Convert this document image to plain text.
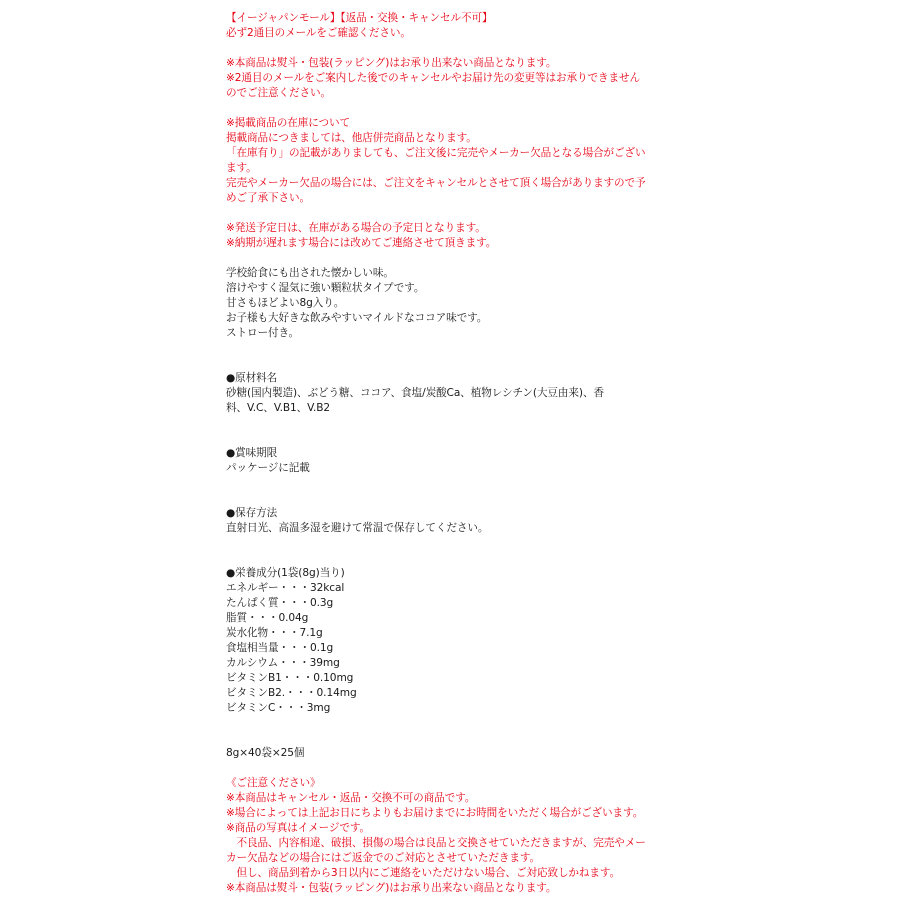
【イージャパンモール】【返品・交換・キャンセル不可】
必ず2通目のメールをご確認ください。
※本商品は熨斗・包装(ラッピング)はお承り出来ない商品となります。
※2通目のメールをご案内した後でのキャンセルやお届け先の変更等はお承りできません
のでご注意ください。
※掲載商品の在庫について
掲載商品につきましては、他店併売商品となります。
「在庫有り」の記載がありましても、ご注文後に完売やメーカー欠品となる場合がござい
ます。
完売やメーカー欠品の場合には、ご注文をキャンセルとさせて頂く場合がありますので予
めご了承下さい。
※発送予定日は、在庫がある場合の予定日となります。
※納期が遅れます場合には改めてご連絡させて頂きます。
学校給食にも出された懐かしい味。
溶けやすく湿気に強い顆粒状タイプです。
甘さもほどよい8g入り。
お子様も大好きな飲みやすいマイルドなココア味です。
ストロー付き。
●原材料名
砂糖(国内製造)、ぶどう糖、ココア、食塩/炭酸Ca、植物レシチン(大豆由来)、香
料、V.C、V.B1、V.B2
●賞味期限
パッケージに記載
●保存方法
直射日光、高温多湿を避けて常温で保存してください。
●栄養成分(1袋(8g)当り)
エネルギー・・・32kcal
たんぱく質・・・0.3g
脂質・・・0.04g
炭水化物・・・7.1g
食塩相当量・・・0.1g
カルシウム・・・39mg
ビタミンB1・・・0.10mg
ビタミンB2.・・・0.14mg
ビタミンC・・・3mg
8g×40袋×25個
《ご注意ください》
※本商品はキャンセル・返品・交換不可の商品です。
※場合によっては上記お日にちよりもお届けまでにお時間をいただく場合がございます。
※商品の写真はイメージです。
　不良品、内容相違、破損、損傷の場合は良品と交換させていただきますが、完売やメー
カー欠品などの場合にはご返金でのご対応とさせていただきます。
　但し、商品到着から3日以内にご連絡をいただけない場合、ご対応致しかねます。
※本商品は熨斗・包装(ラッピング)はお承り出来ない商品となります。
